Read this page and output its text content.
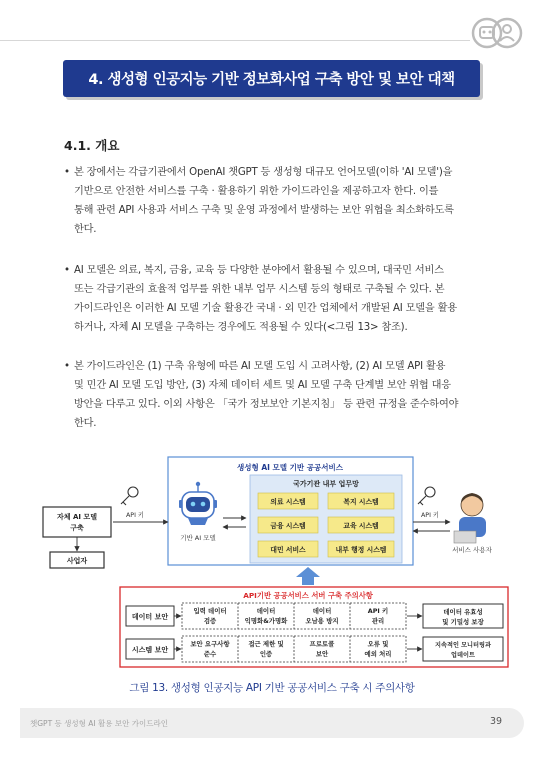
4. 생성형 인공지능 기반 정보화사업 구축 방안 및 보안 대책
4.1. 개요
• 본 장에서는 각급기관에서 OpenAI 챗GPT 등 생성형 대규모 언어모델(이하 'AI 모델')을
기반으로 안전한 서비스를 구축 · 활용하기 위한 가이드라인을 제공하고자 한다. 이를
통해 관련 API 사용과 서비스 구축 및 운영 과정에서 발생하는 보안 위협을 최소화하도록
한다.
• AI 모델은 의료, 복지, 금융, 교육 등 다양한 분야에서 활용될 수 있으며, 대국민 서비스
또는 각급기관의 효율적 업무를 위한 내부 업무 시스템 등의 형태로 구축될 수 있다. 본
가이드라인은 이러한 AI 모델 기술 활용간 국내 · 외 민간 업체에서 개발된 AI 모델을 활용
하거나, 자체 AI 모델을 구축하는 경우에도 적용될 수 있다(<그림 13> 참조).
• 본 가이드라인은 (1) 구축 유형에 따른 AI 모델 도입 시 고려사항, (2) AI 모델 API 활용
및 민간 AI 모델 도입 방안, (3) 자체 데이터 세트 및 AI 모델 구축 단계별 보안 위협 대응
방안을 다루고 있다. 이외 사항은 「국가 정보보안 기본지침」 등 관련 규정을 준수하여야
한다.
생성형 AI 모델 기반 공공서비스
국가기관 내부 업무망
의료 시스템	복지 시스템
금융 시스템	교육 시스템
대민 서비스	내부 행정 시스템
기반 AI 모델
자체 AI 모델
구축
사업자
API 키
서비스 사용자
API 키
API기반 공공서비스 서버 구축 주의사항
데이터 보안
입력 데이터
검증
데이터
익명화&가명화
데이터
오남용 방지
API 키
관리
데이터 유효성
및 기밀성 보장
시스템 보안
보안 요구사항
준수
접근 제한 및
인증
프로토콜
보안
오류 및
예외 처리
지속적인 모니터링과
업데이트
그림 13. 생성형 인공지능 API 기반 공공서비스 구축 시 주의사항
챗GPT 등 생성형 AI 활용 보안 가이드라인	39
